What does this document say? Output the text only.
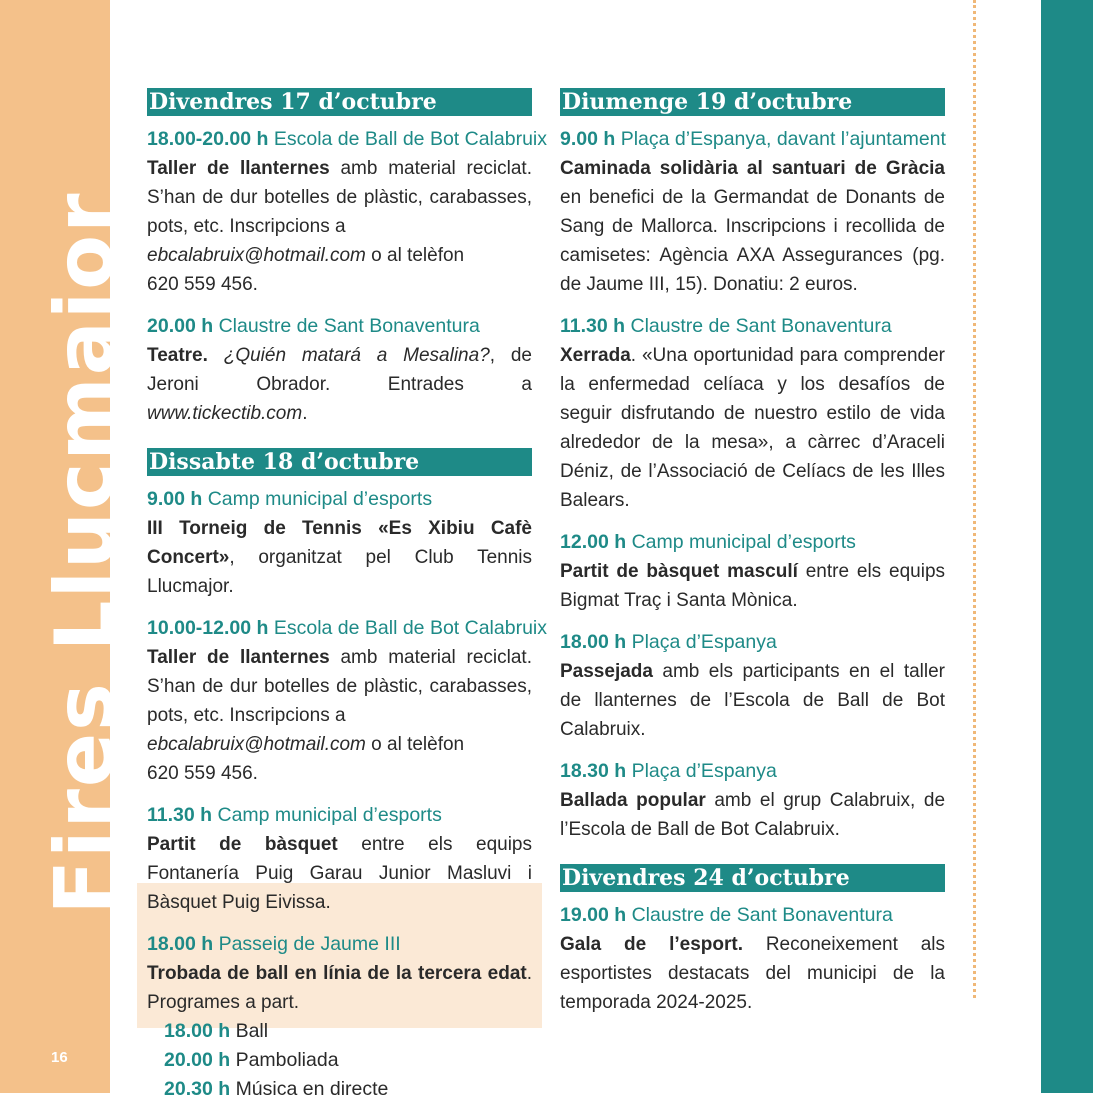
Fires Llucmajor
16
Divendres 17 d’octubre
18.00-20.00 h Escola de Ball de Bot Calabruix
Taller de llanternes amb material reciclat. S’han de dur botelles de plàstic, carabasses, pots, etc. Inscripcions a
ebcalabruix@hotmail.com o al telèfon
620 559 456.
20.00 h Claustre de Sant Bonaventura
Teatre. ¿Quién matará a Mesalina?, de Jeroni Obrador. Entrades a www.tickectib.com.
Dissabte 18 d’octubre
9.00 h Camp municipal d’esports
III Torneig de Tennis «Es Xibiu Cafè Concert», organitzat pel Club Tennis Llucmajor.
10.00-12.00 h Escola de Ball de Bot Calabruix
Taller de llanternes amb material reciclat. S’han de dur botelles de plàstic, carabasses, pots, etc. Inscripcions a
ebcalabruix@hotmail.com o al telèfon
620 559 456.
11.30 h Camp municipal d’esports
Partit de bàsquet entre els equips Fontanería Puig Garau Junior Masluvi i Bàsquet Puig Eivissa.
18.00 h Passeig de Jaume III
Trobada de ball en línia de la tercera edat. Programes a part.
18.00 h Ball
20.00 h Pamboliada
20.30 h Música en directe
Diumenge 19 d’octubre
9.00 h Plaça d’Espanya, davant l’ajuntament
Caminada solidària al santuari de Gràcia en benefici de la Germandat de Donants de Sang de Mallorca. Inscripcions i recollida de camisetes: Agència AXA Assegurances (pg. de Jaume III, 15). Donatiu: 2 euros.
11.30 h Claustre de Sant Bonaventura
Xerrada. «Una oportunidad para comprender la enfermedad celíaca y los desafíos de seguir disfrutando de nuestro estilo de vida alrededor de la mesa», a càrrec d’Araceli Déniz, de l’Associació de Celíacs de les Illes Balears.
12.00 h Camp municipal d’esports
Partit de bàsquet masculí entre els equips Bigmat Traç i Santa Mònica.
18.00 h Plaça d’Espanya
Passejada amb els participants en el taller de llanternes de l’Escola de Ball de Bot Calabruix.
18.30 h Plaça d’Espanya
Ballada popular amb el grup Calabruix, de l’Escola de Ball de Bot Calabruix.
Divendres 24 d’octubre
19.00 h Claustre de Sant Bonaventura
Gala de l’esport. Reconeixement als esportistes destacats del municipi de la temporada 2024-2025.
